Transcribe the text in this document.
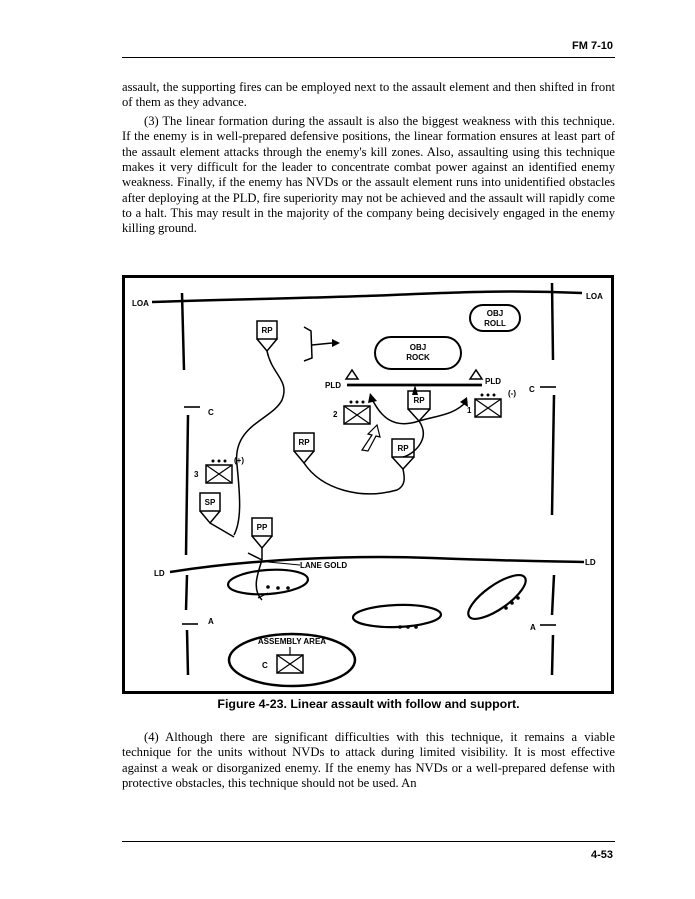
FM 7-10

assault, the supporting fires can be employed next to the assault element and then shifted in front of them as they advance.

(3) The linear formation during the assault is also the biggest weakness with this technique. If the enemy is in well-prepared defensive positions, the linear formation ensures at least part of the assault element attacks through the enemy's kill zones. Also, assaulting using this technique makes it very difficult for the leader to concentrate combat power against an identified enemy weakness. Finally, if the enemy has NVDs or the assault element runs into unidentified obstacles after deploying at the PLD, fire superiority may not be achieved and the assault will rapidly come to a halt. This may result in the majority of the company being decisively engaged in the enemy killing ground.

LOA
LOA
LD
LD
C
A
C
A
OBJ
ROLL
OBJ
ROCK
PLD	PLD
(-)
RP
RP
RP
RP
SP
PP
1
2
3
(+)
LANE GOLD
ASSEMBLY AREA
C
Figure 4-23. Linear assault with follow and support.

(4) Although there are significant difficulties with this technique, it remains a viable technique for the units without NVDs to attack during limited visibility. It is most effective against a weak or disorganized enemy. If the enemy has NVDs or a well-prepared defense with protective obstacles, this technique should not be used. An

4-53
